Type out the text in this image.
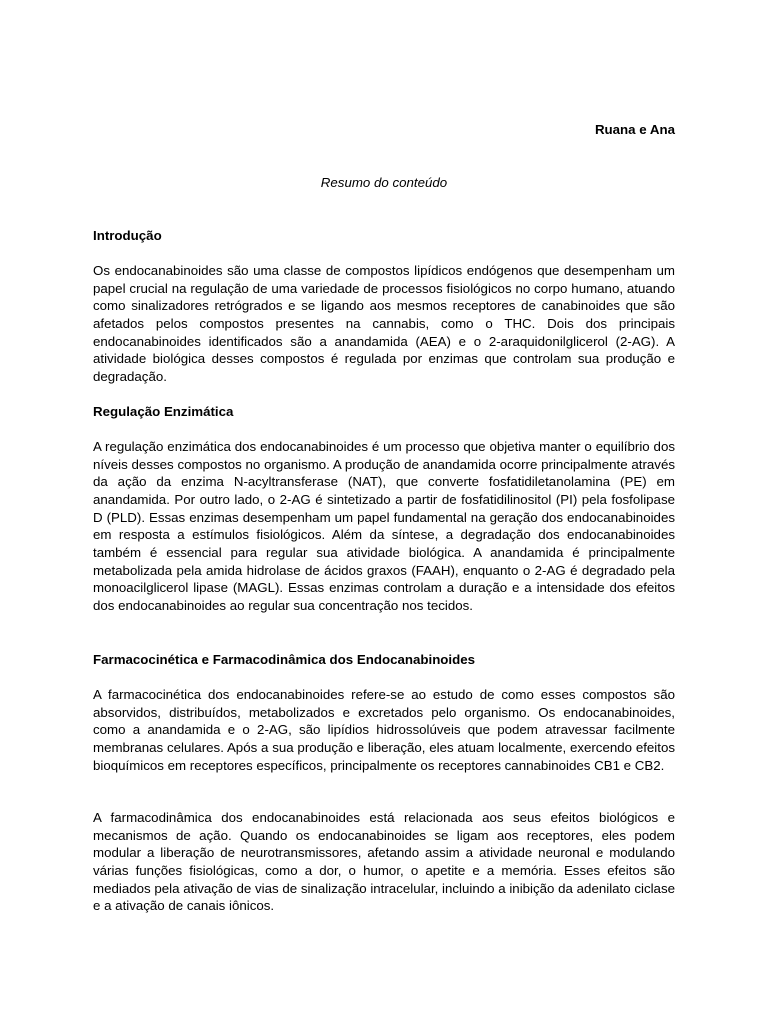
Ruana e Ana
Resumo do conteúdo
Introdução

Os endocanabinoides são uma classe de compostos lipídicos endógenos que desempenham um papel crucial na regulação de uma variedade de processos fisiológicos no corpo humano, atuando como sinalizadores retrógrados e se ligando aos mesmos receptores de canabinoides que são afetados pelos compostos presentes na cannabis, como o THC. Dois dos principais endocanabinoides identificados são a anandamida (AEA) e o 2-araquidonilglicerol (2-AG). A atividade biológica desses compostos é regulada por enzimas que controlam sua produção e degradação.

Regulação Enzimática

A regulação enzimática dos endocanabinoides é um processo que objetiva manter o equilíbrio dos níveis desses compostos no organismo. A produção de anandamida ocorre principalmente através da ação da enzima N-acyltransferase (NAT), que converte fosfatidiletanolamina (PE) em anandamida. Por outro lado, o 2-AG é sintetizado a partir de fosfatidilinositol (PI) pela fosfolipase D (PLD). Essas enzimas desempenham um papel fundamental na geração dos endocanabinoides em resposta a estímulos fisiológicos. Além da síntese, a degradação dos endocanabinoides também é essencial para regular sua atividade biológica. A anandamida é principalmente metabolizada pela amida hidrolase de ácidos graxos (FAAH), enquanto o 2-AG é degradado pela monoacilglicerol lipase (MAGL). Essas enzimas controlam a duração e a intensidade dos efeitos dos endocanabinoides ao regular sua concentração nos tecidos.

Farmacocinética e Farmacodinâmica dos Endocanabinoides

A farmacocinética dos endocanabinoides refere-se ao estudo de como esses compostos são absorvidos, distribuídos, metabolizados e excretados pelo organismo. Os endocanabinoides, como a anandamida e o 2-AG, são lipídios hidrossolúveis que podem atravessar facilmente membranas celulares. Após a sua produção e liberação, eles atuam localmente, exercendo efeitos bioquímicos em receptores específicos, principalmente os receptores cannabinoides CB1 e CB2.

A farmacodinâmica dos endocanabinoides está relacionada aos seus efeitos biológicos e mecanismos de ação. Quando os endocanabinoides se ligam aos receptores, eles podem modular a liberação de neurotransmissores, afetando assim a atividade neuronal e modulando várias funções fisiológicas, como a dor, o humor, o apetite e a memória. Esses efeitos são mediados pela ativação de vias de sinalização intracelular, incluindo a inibição da adenilato ciclase e a ativação de canais iônicos.
